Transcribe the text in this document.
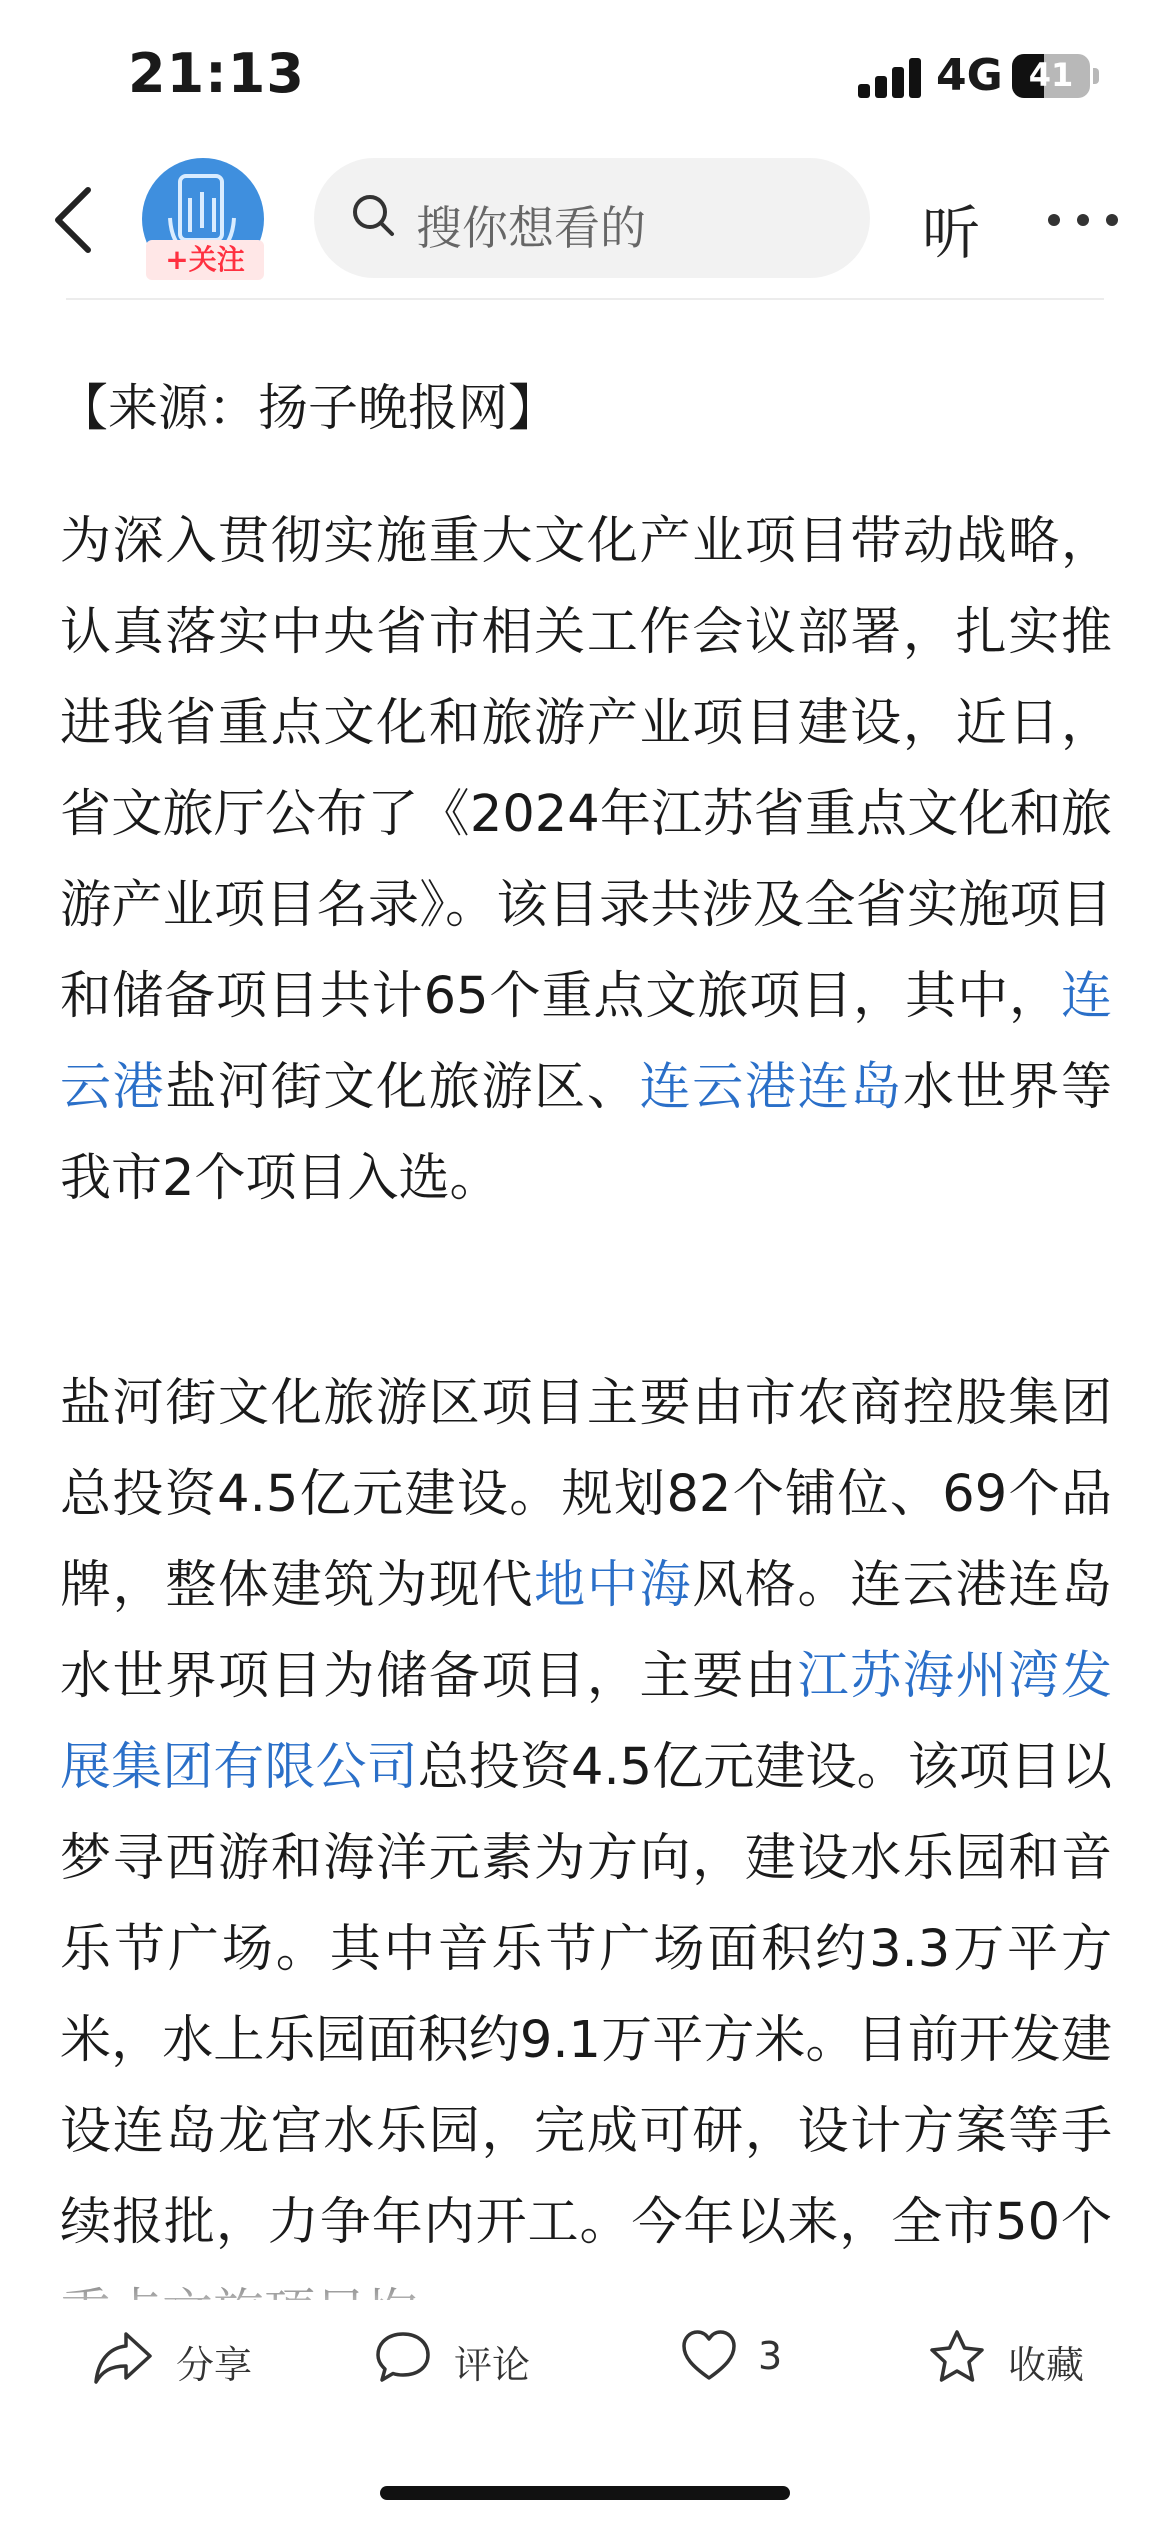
21:13	4G 41
+关注
搜你想看的	听
【来源：扬子晚报网】

为深入贯彻实施重大文化产业项目带动战略，认真落实中央省市相关工作会议部署，扎实推进我省重点文化和旅游产业项目建设，近日，省文旅厅公布了《2024年江苏省重点文化和旅游产业项目名录》。该目录共涉及全省实施项目和储备项目共计65个重点文旅项目，其中，连云港盐河街文化旅游区、连云港连岛水世界等我市2个项目入选。

盐河街文化旅游区项目主要由市农商控股集团总投资4.5亿元建设。规划82个铺位、69个品牌，整体建筑为现代地中海风格。连云港连岛水世界项目为储备项目，主要由江苏海州湾发展集团有限公司总投资4.5亿元建设。该项目以梦寻西游和海洋元素为方向，建设水乐园和音乐节广场。其中音乐节广场面积约3.3万平方米，水上乐园面积约9.1万平方米。目前开发建设连岛龙宫水乐园，完成可研，设计方案等手续报批，力争年内开工。今年以来，全市50个

分享	评论	3	收藏
